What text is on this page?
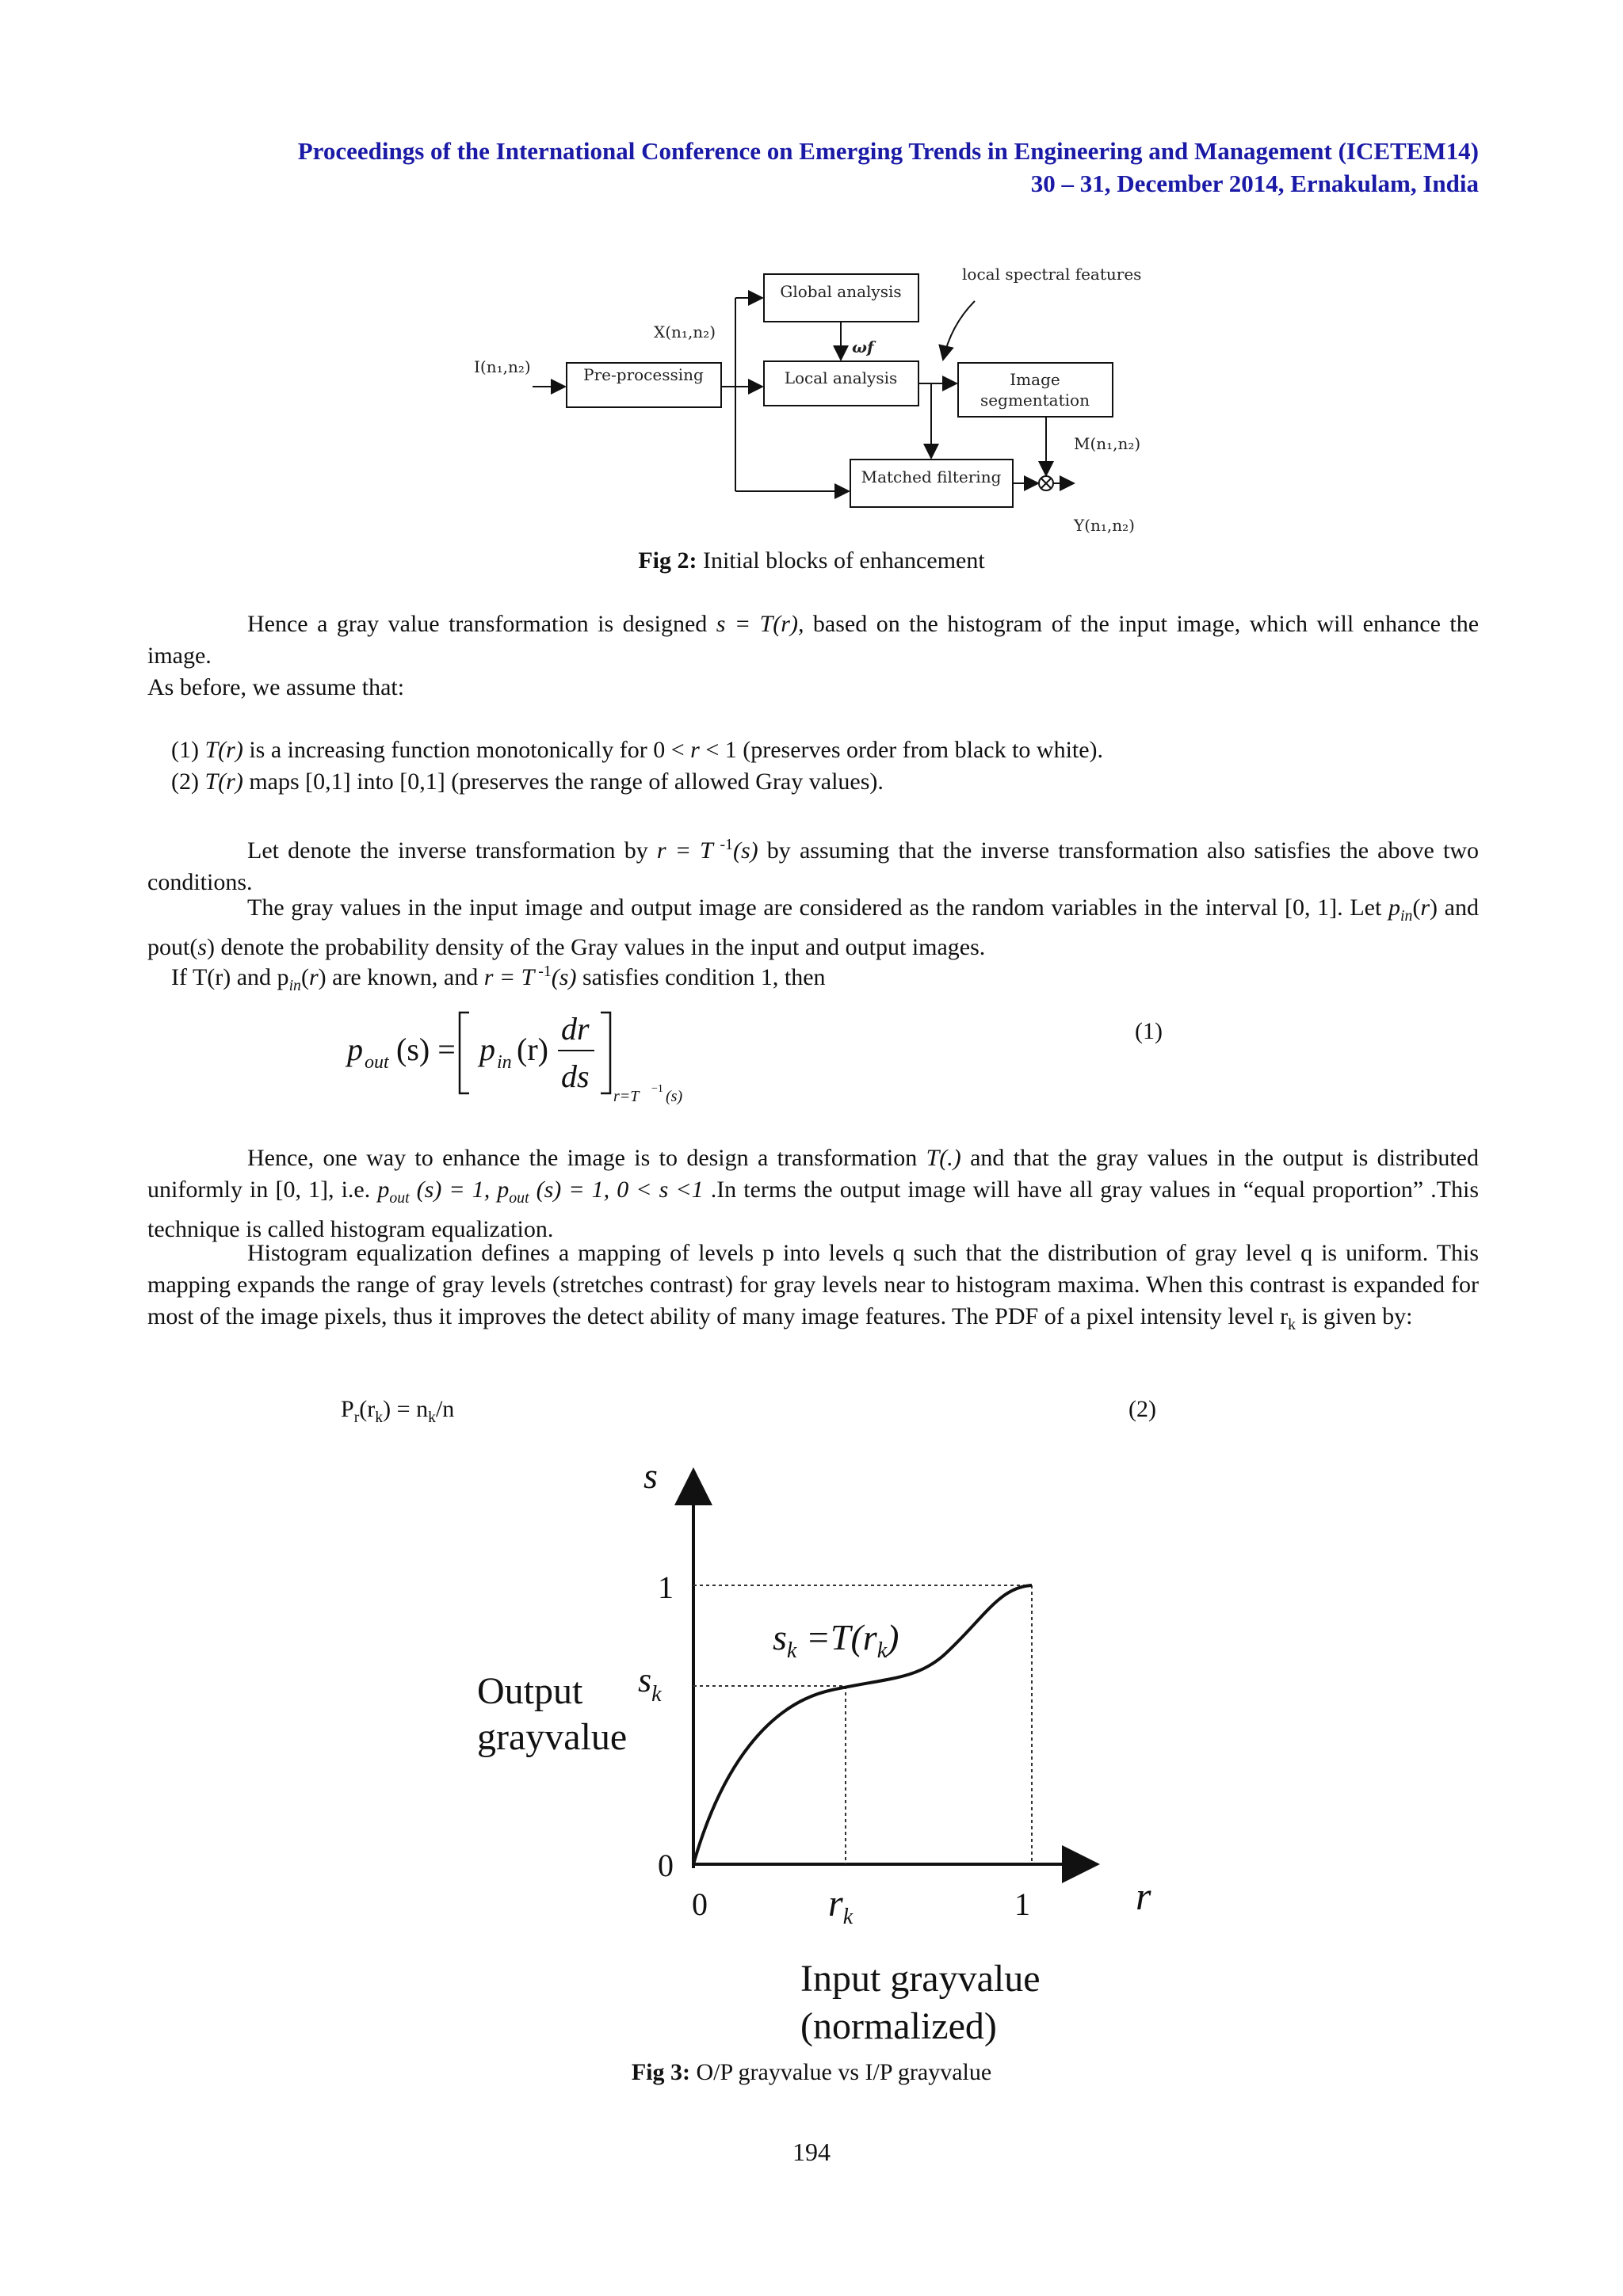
Proceedings of the International Conference on Emerging Trends in Engineering and Management (ICETEM14)
30 – 31, December 2014, Ernakulam, India
Pre-processing
Global analysis
Local analysis	Image
segmentation
Matched filtering
I(n₁,n₂)
X(n₁,n₂)
local spectral features
ωf
M(n₁,n₂)
Y(n₁,n₂)
Fig 2: Initial blocks of enhancement
Hence a gray value transformation is designed s = T(r), based on the histogram of the input image, which will enhance the image.
As before, we assume that:
(1) T(r) is a increasing function monotonically for 0 < r < 1 (preserves order from black to white).
(2) T(r) maps [0,1] into [0,1] (preserves the range of allowed Gray values).
Let denote the inverse transformation by r = T $^{-1}$(s) by assuming that the inverse transformation also satisfies the above two conditions.
The gray values in the input image and output image are considered as the random variables in the interval [0, 1]. Let $p_{in}(r)$ and pout(s) denote the probability density of the Gray values in the input and output images.
If T(r) and $p_{in}(r)$ are known, and r = T $^{-1}$(s) satisfies condition 1, then
p out (s) = p in (r)
dr
ds
r=T −1 (s)
(1)
Hence, one way to enhance the image is to design a transformation T(.) and that the gray values in the output is distributed uniformly in [0, 1], i.e. $p_{out}$ (s) = 1, $p_{out}$ (s) = 1, 0 < s <1 .In terms the output image will have all gray values in “equal proportion” .This technique is called histogram equalization.
Histogram equalization defines a mapping of levels p into levels q such that the distribution of gray level q is uniform. This mapping expands the range of gray levels (stretches contrast) for gray levels near to histogram maxima. When this contrast is expanded for most of the image pixels, thus it improves the detect ability of many image features. The PDF of a pixel intensity level $r_k$ is given by:
$P_r(r_k) = n_k/n$	(2)
s
1
$s_k$
0
0	$r_k$	1	r
$s_k =T(r_k)$
Output
grayvalue
Input grayvalue
(normalized)
Fig 3: O/P grayvalue vs I/P grayvalue
194
